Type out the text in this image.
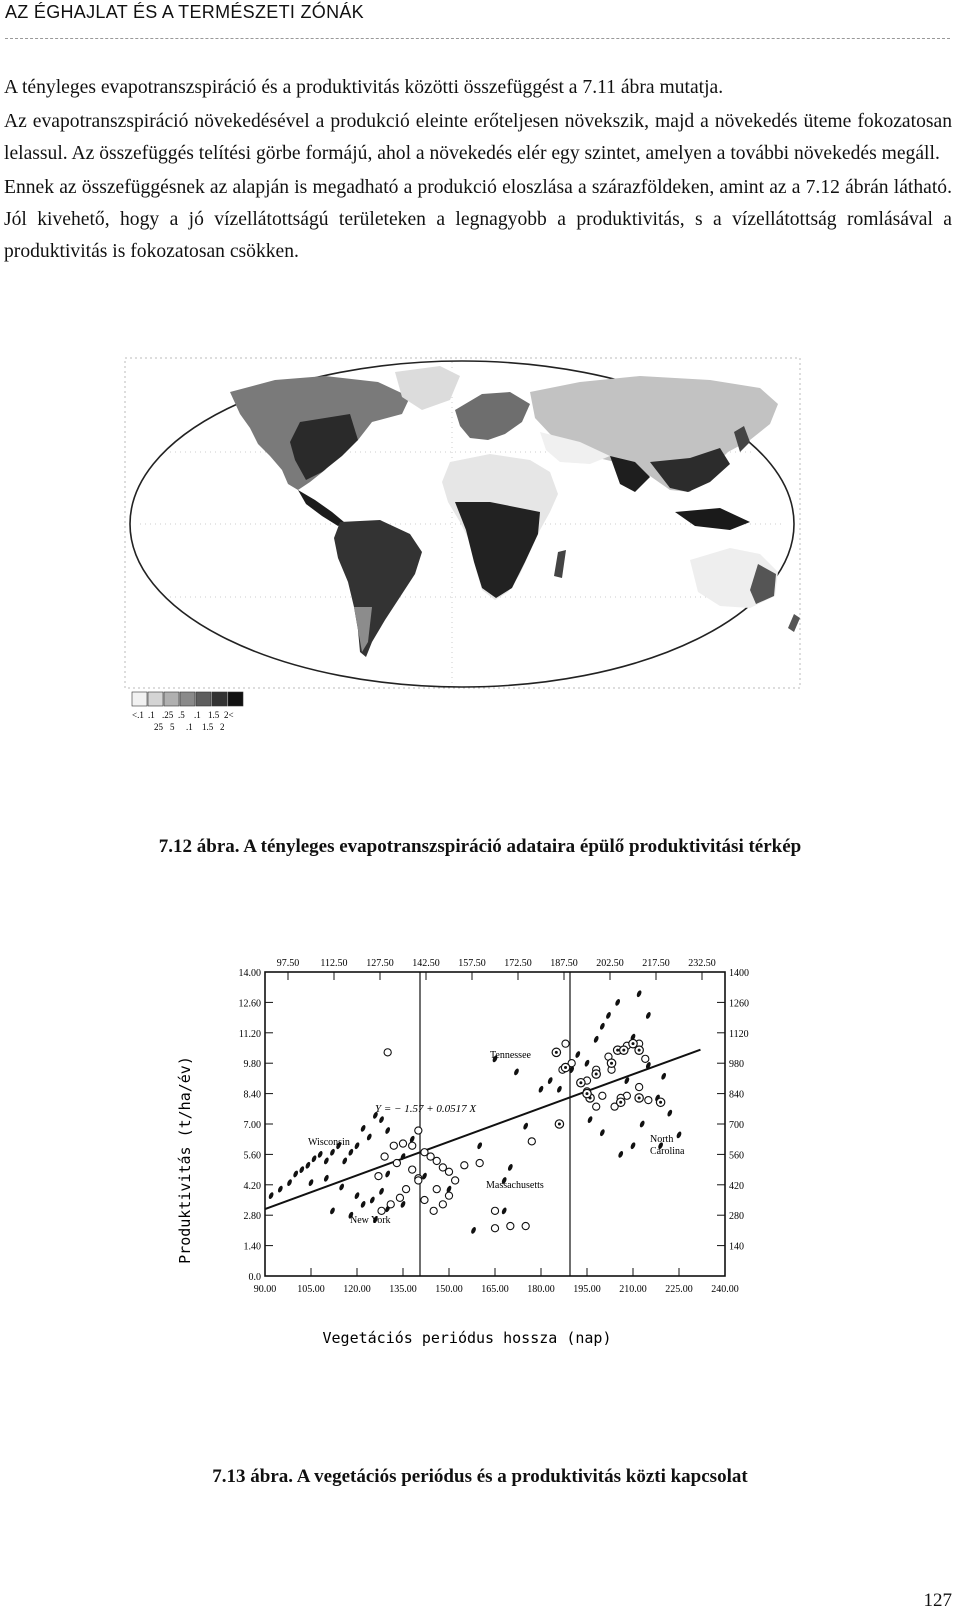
AZ ÉGHAJLAT ÉS A TERMÉSZETI ZÓNÁK

A tényleges evapotranszspiráció és a produktivitás közötti összefüggést a 7.11 ábra mutatja.

Az evapotranszspiráció növekedésével a produkció eleinte erőteljesen növekszik, majd a növekedés üteme fokozatosan lelassul. Az összefüggés telítési görbe formájú, ahol a növekedés elér egy szintet, amelyen a további növekedés megáll.

Ennek az összefüggésnek az alapján is megadható a produkció eloszlása a szárazföldeken, amint az a 7.12 ábrán látható. Jól kivehető, hogy a jó vízellátottságú területeken a legnagyobb a produktivitás, s a vízellátottság romlásával a produktivitás is fokozatosan csökken.

<.1 .1 .25 .5 .1 1.5 2<
25 5 .1 1.5 2
7.12 ábra. A tényleges evapotranszspiráció adataira épülő produktivitási térkép
90.00 105.00 120.00 135.00 150.00 165.00 180.00 195.00 210.00 225.00 240.00
97.50 112.50 127.50 142.50 157.50 172.50 187.50 202.50 217.50 232.50
0.0
1.40
2.80
4.20
5.60
7.00
8.40
9.80
11.20
12.60
14.00
140
280
420
560
700
840
980
1120
1260
1400
Produktivitás (t/ha/év)
Vegetációs periódus hossza (nap)
Y = − 1.57 + 0.0517 X
Tennessee
Wisconsin
Massachusetts
New York
North
Carolina
7.13 ábra. A vegetációs periódus és a produktivitás közti kapcsolat
127
